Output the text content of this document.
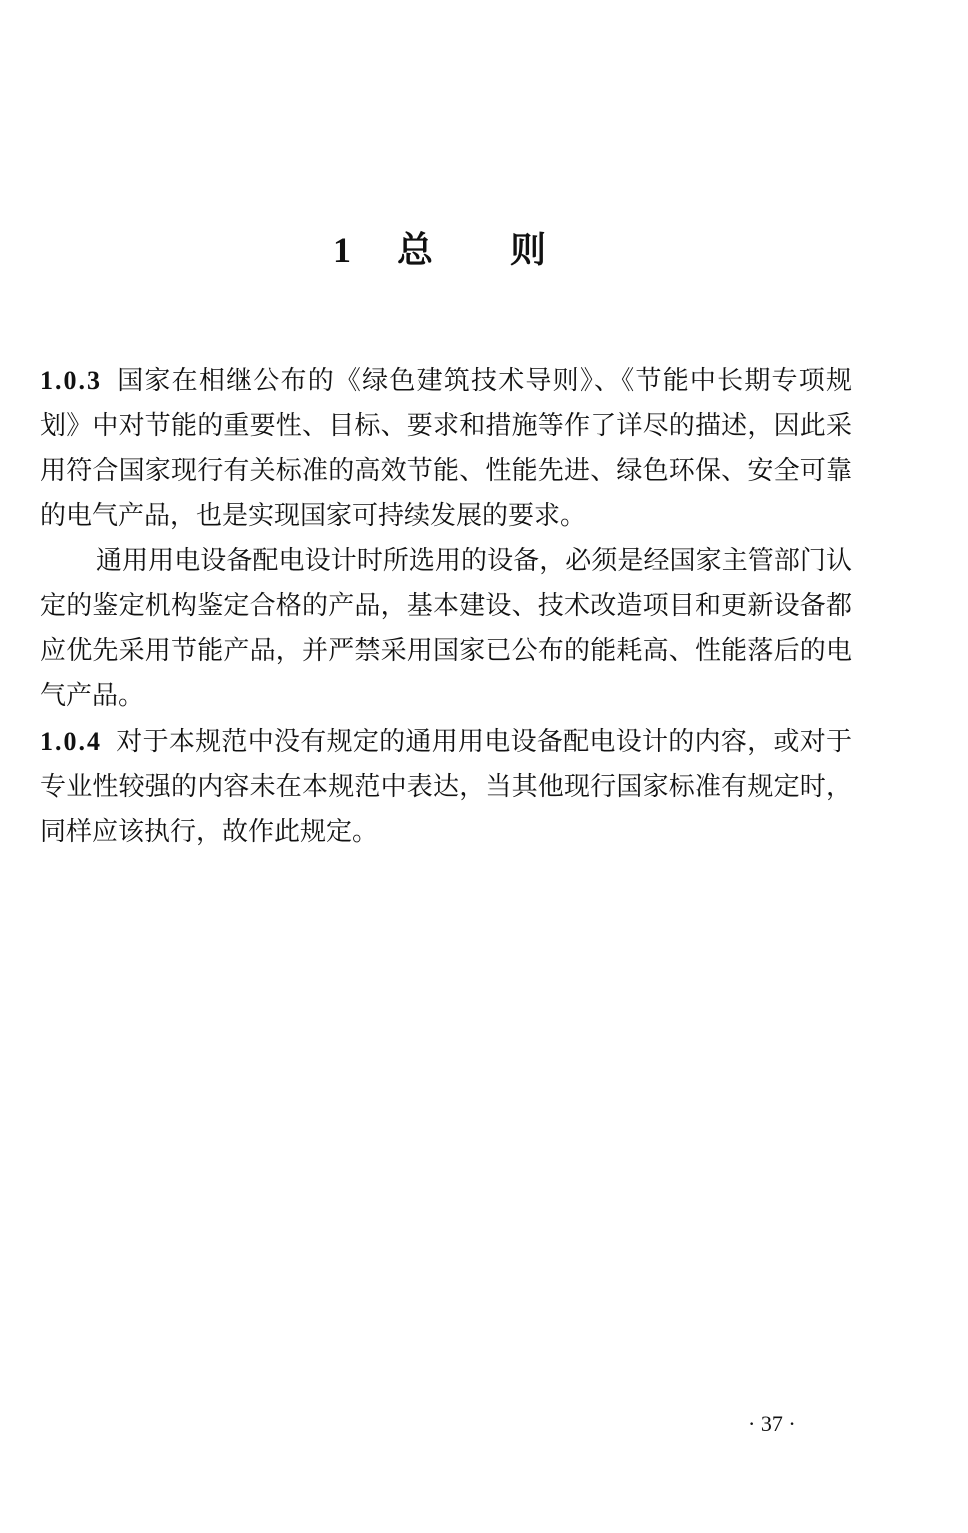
1 总 则

1.0.3 国家在相继公布的《绿色建筑技术导则》、《节能中长期专项规划》中对节能的重要性、目标、要求和措施等作了详尽的描述，因此采用符合国家现行有关标准的高效节能、性能先进、绿色环保、安全可靠的电气产品，也是实现国家可持续发展的要求。

通用用电设备配电设计时所选用的设备，必须是经国家主管部门认定的鉴定机构鉴定合格的产品，基本建设、技术改造项目和更新设备都应优先采用节能产品，并严禁采用国家已公布的能耗高、性能落后的电气产品。

1.0.4 对于本规范中没有规定的通用用电设备配电设计的内容，或对于专业性较强的内容未在本规范中表达，当其他现行国家标准有规定时，同样应该执行，故作此规定。

· 37 ·
